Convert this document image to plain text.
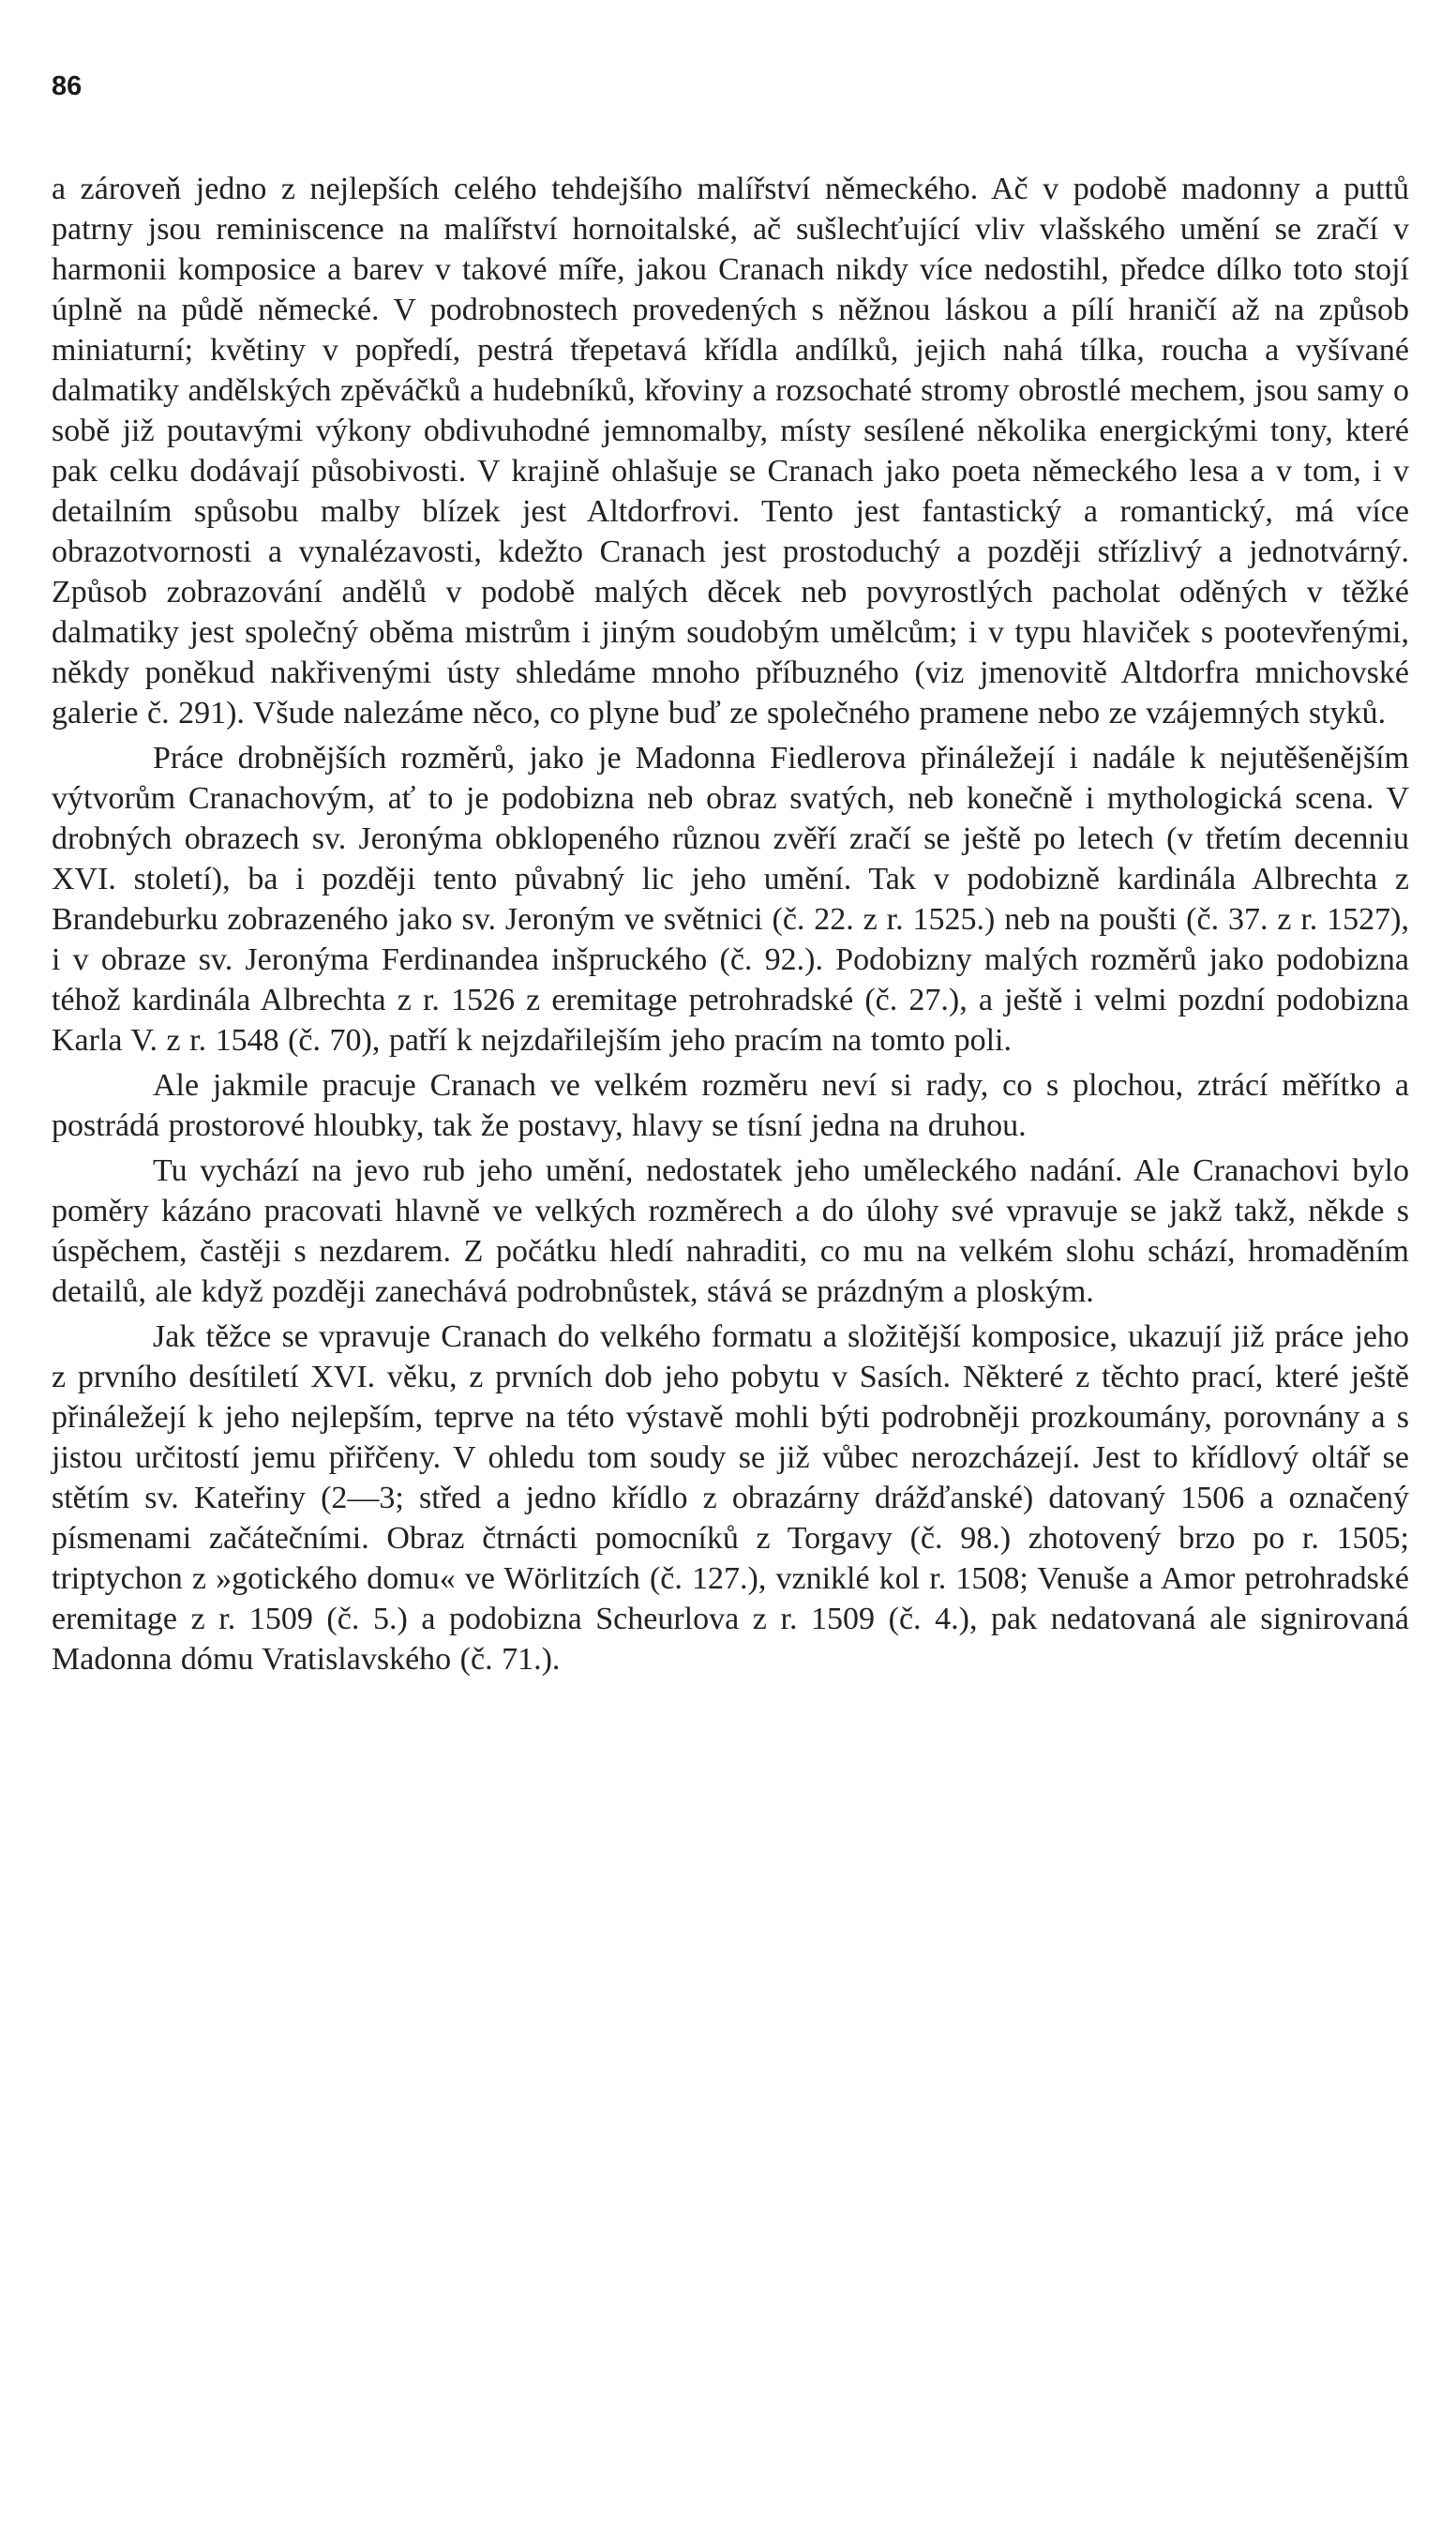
86

a zároveň jedno z nejlepších celého tehdejšího malířství německého. Ač v podobě madonny a puttů patrny jsou reminiscence na malířství hornoitalské, ač sušlechťující vliv vlašského umění se zračí v harmonii komposice a barev v takové míře, jakou Cranach nikdy více nedostihl, předce dílko toto stojí úplně na půdě německé. V podrobnostech provedených s něžnou láskou a pílí hraničí až na způsob miniaturní; květiny v popředí, pestrá třepetavá křídla andílků, jejich nahá tílka, roucha a vyšívané dalmatiky andělských zpěváčků a hudebníků, křoviny a rozsochaté stromy obrostlé mechem, jsou samy o sobě již poutavými výkony obdivuhodné jemnomalby, místy sesílené několika energickými tony, které pak celku dodávají působivosti. V krajině ohlašuje se Cranach jako poeta německého lesa a v tom, i v detailním spůsobu malby blízek jest Altdorfrovi. Tento jest fantastický a romantický, má více obrazotvornosti a vynalézavosti, kdežto Cranach jest prostoduchý a později střízlivý a jednotvárný. Způsob zobrazování andělů v podobě malých děcek neb povyrostlých pacholat oděných v těžké dalmatiky jest společný oběma mistrům i jiným soudobým umělcům; i v typu hlaviček s pootevřenými, někdy poněkud nakřivenými ústy shledáme mnoho příbuzného (viz jmenovitě Altdorfra mnichovské galerie č. 291). Všude nalezáme něco, co plyne buď ze společného pramene nebo ze vzájemných styků.

Práce drobnějších rozměrů, jako je Madonna Fiedlerova přináležejí i nadále k nejutěšenějším výtvorům Cranachovým, ať to je podobizna neb obraz svatých, neb konečně i mythologická scena. V drobných obrazech sv. Jeronýma obklopeného různou zvěří zračí se ještě po letech (v třetím decenniu XVI. století), ba i později tento půvabný lic jeho umění. Tak v podobizně kardinála Albrechta z Brandeburku zobrazeného jako sv. Jeroným ve světnici (č. 22. z r. 1525.) neb na poušti (č. 37. z r. 1527), i v obraze sv. Jeronýma Ferdinandea inšpruckého (č. 92.). Podobizny malých rozměrů jako podobizna téhož kardinála Albrechta z r. 1526 z eremitage petrohradské (č. 27.), a ještě i velmi pozdní podobizna Karla V. z r. 1548 (č. 70), patří k nejzdařilejším jeho pracím na tomto poli.

Ale jakmile pracuje Cranach ve velkém rozměru neví si rady, co s plochou, ztrácí měřítko a postrádá prostorové hloubky, tak že postavy, hlavy se tísní jedna na druhou.

Tu vychází na jevo rub jeho umění, nedostatek jeho uměleckého nadání. Ale Cranachovi bylo poměry kázáno pracovati hlavně ve velkých rozměrech a do úlohy své vpravuje se jakž takž, někde s úspěchem, častěji s nezdarem. Z počátku hledí nahraditi, co mu na velkém slohu schází, hromaděním detailů, ale když později zanechává podrobnůstek, stává se prázdným a ploským.

Jak těžce se vpravuje Cranach do velkého formatu a složitější komposice, ukazují již práce jeho z prvního desítiletí XVI. věku, z prvních dob jeho pobytu v Sasích. Některé z těchto prací, které ještě přináležejí k jeho nejlepším, teprve na této výstavě mohli býti podrobněji prozkoumány, porovnány a s jistou určitostí jemu přiřčeny. V ohledu tom soudy se již vůbec nerozcházejí. Jest to křídlový oltář se stětím sv. Kateřiny (2—3; střed a jedno křídlo z obrazárny drážďanské) datovaný 1506 a označený písmenami začátečními. Obraz čtrnácti pomocníků z Torgavy (č. 98.) zhotovený brzo po r. 1505; triptychon z »gotického domu« ve Wörlitzích (č. 127.), vzniklé kol r. 1508; Venuše a Amor petrohradské eremitage z r. 1509 (č. 5.) a podobizna Scheurlova z r. 1509 (č. 4.), pak nedatovaná ale signirovaná Madonna dómu Vratislavského (č. 71.).
